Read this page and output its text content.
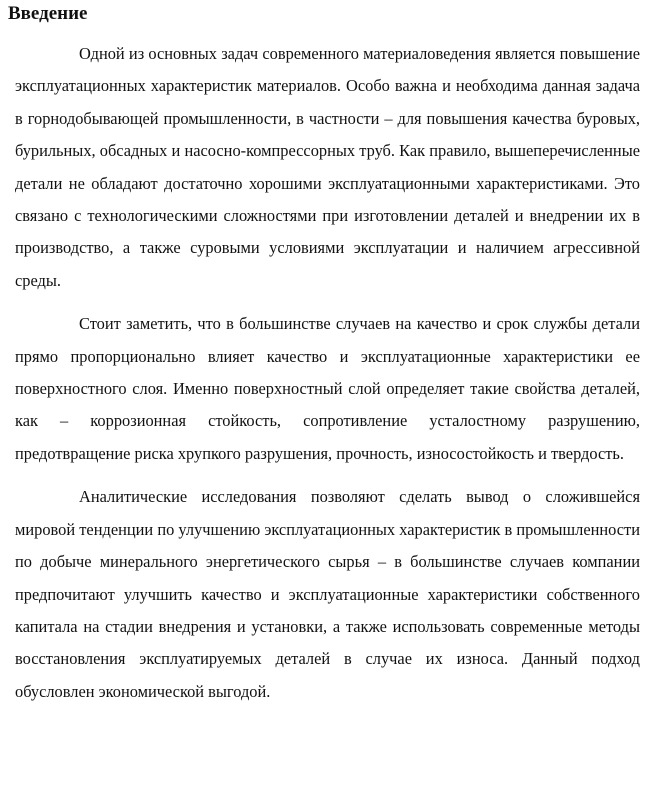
Введение

Одной из основных задач современного материаловедения является повышение эксплуатационных характеристик материалов. Особо важна и необходима данная задача в горнодобывающей промышленности, в частности – для повышения качества буровых, бурильных, обсадных и насосно-компрессорных труб. Как правило, вышеперечисленные детали не обладают достаточно хорошими эксплуатационными характеристиками. Это связано с технологическими сложностями при изготовлении деталей и внедрении их в производство, а также суровыми условиями эксплуатации и наличием агрессивной среды.

Стоит заметить, что в большинстве случаев на качество и срок службы детали прямо пропорционально влияет качество и эксплуатационные характеристики ее поверхностного слоя. Именно поверхностный слой определяет такие свойства деталей, как – коррозионная стойкость, сопротивление усталостному разрушению, предотвращение риска хрупкого разрушения, прочность, износостойкость и твердость.

Аналитические исследования позволяют сделать вывод о сложившейся мировой тенденции по улучшению эксплуатационных характеристик в промышленности по добыче минерального энергетического сырья – в большинстве случаев компании предпочитают улучшить качество и эксплуатационные характеристики собственного капитала на стадии внедрения и установки, а также использовать современные методы восстановления эксплуатируемых деталей в случае их износа. Данный подход обусловлен экономической выгодой.
